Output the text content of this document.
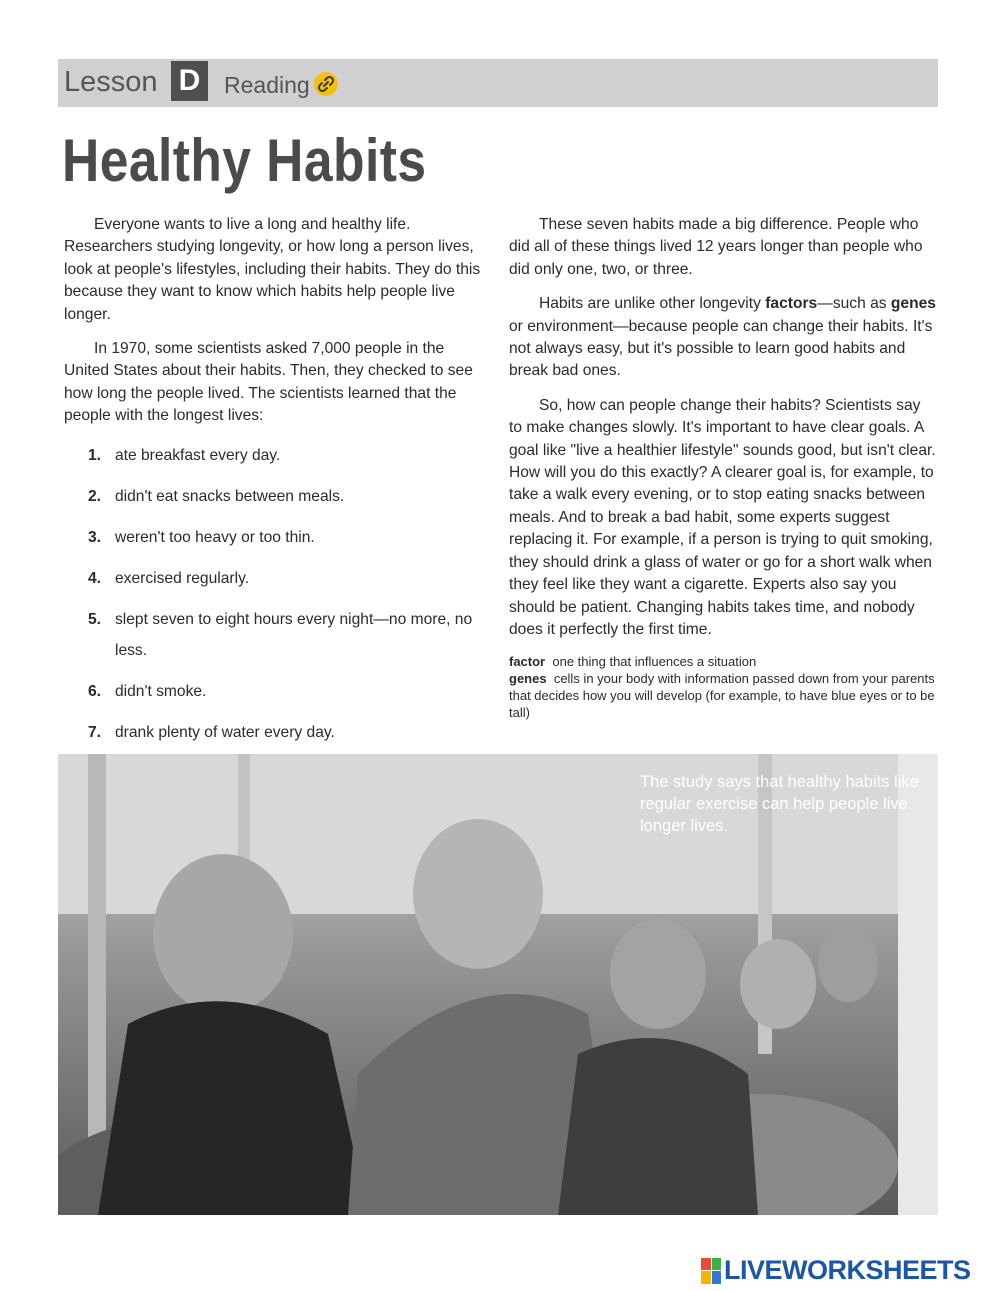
Lesson D	Reading
Healthy Habits

Everyone wants to live a long and healthy life. Researchers studying longevity, or how long a person lives, look at people's lifestyles, including their habits. They do this because they want to know which habits help people live longer.

In 1970, some scientists asked 7,000 people in the United States about their habits. Then, they checked to see how long the people lived. The scientists learned that the people with the longest lives:

1. ate breakfast every day.
2. didn't eat snacks between meals.
3. weren't too heavy or too thin.
4. exercised regularly.
5. slept seven to eight hours every night—no more, no less.
6. didn't smoke.
7. drank plenty of water every day.

These seven habits made a big difference. People who did all of these things lived 12 years longer than people who did only one, two, or three.

Habits are unlike other longevity factors—such as genes or environment—because people can change their habits. It's not always easy, but it's possible to learn good habits and break bad ones.

So, how can people change their habits? Scientists say to make changes slowly. It's important to have clear goals. A goal like "live a healthier lifestyle" sounds good, but isn't clear. How will you do this exactly? A clearer goal is, for example, to take a walk every evening, or to stop eating snacks between meals. And to break a bad habit, some experts suggest replacing it. For example, if a person is trying to quit smoking, they should drink a glass of water or go for a short walk when they feel like they want a cigarette. Experts also say you should be patient. Changing habits takes time, and nobody does it perfectly the first time.

factor one thing that influences a situation
genes cells in your body with information passed down from your parents that decides how you will develop (for example, to have blue eyes or to be tall)
The study says that healthy habits like regular exercise can help people live longer lives.
LIVEWORKSHEETS
